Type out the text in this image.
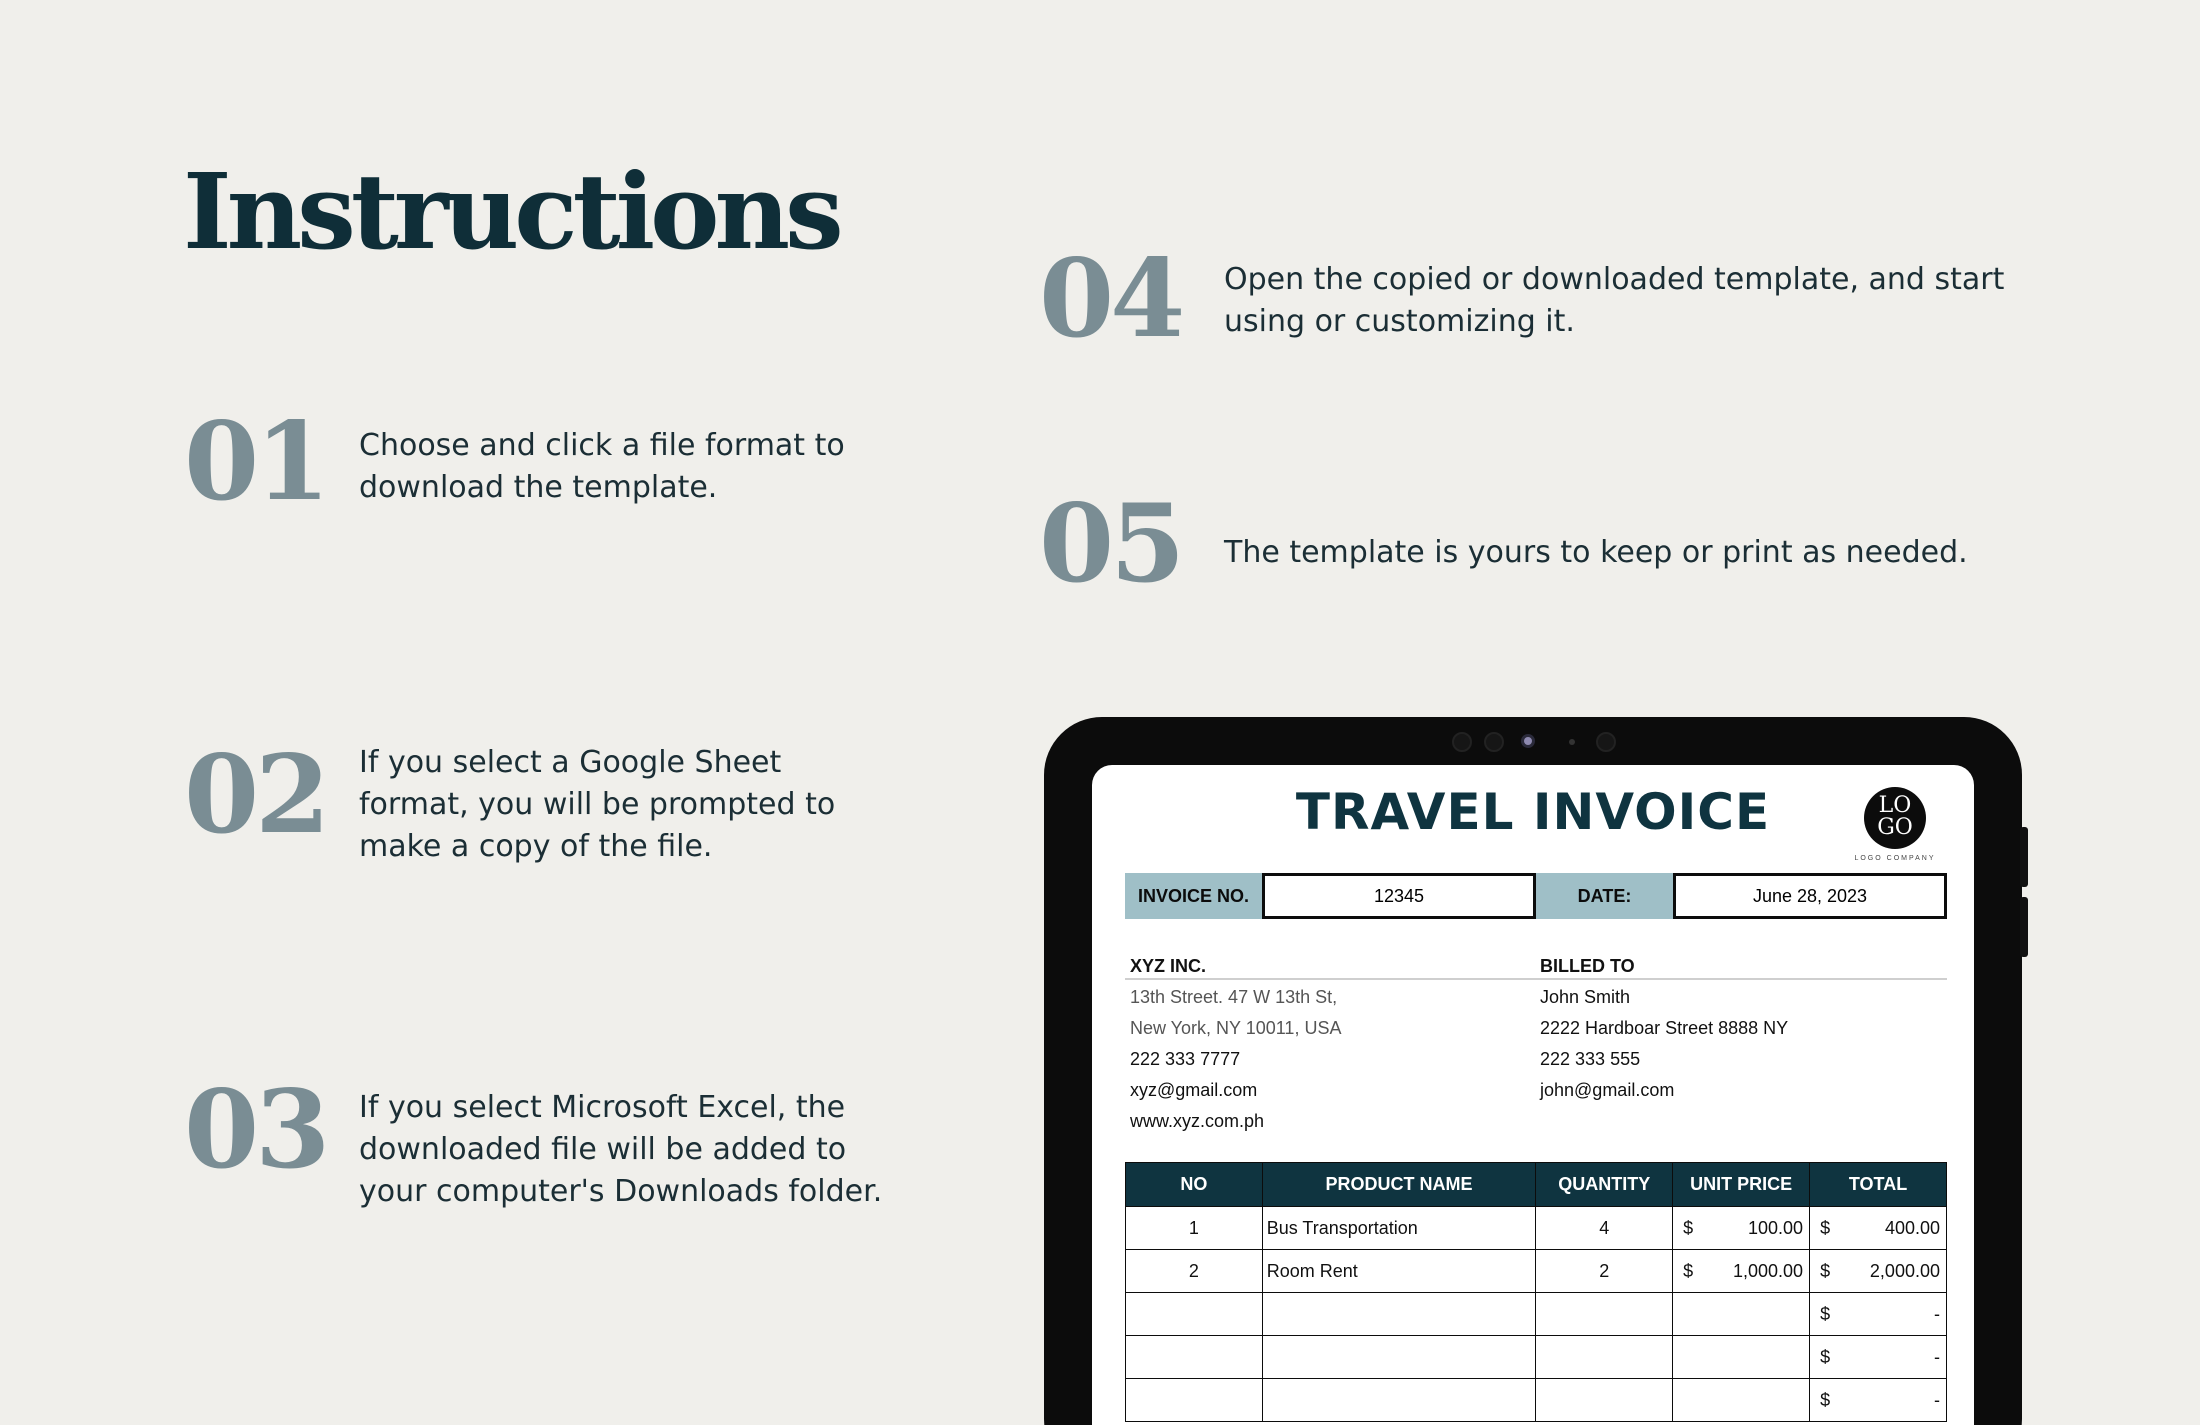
Instructions
01 Choose and click a file format to download the template.
02 If you select a Google Sheet format, you will be prompted to make a copy of the file.
03 If you select Microsoft Excel, the downloaded file will be added to your computer's Downloads folder.
04 Open the copied or downloaded template, and start using or customizing it.
05 The template is yours to keep or print as needed.
TRAVEL INVOICE	LO
GO
LOGO COMPANY
INVOICE NO.	12345	DATE:	June 28, 2023
XYZ INC.
13th Street. 47 W 13th St,
New York, NY 10011, USA
222 333 7777
xyz@gmail.com
www.xyz.com.ph
BILLED TO
John Smith
2222 Hardboar Street 8888 NY
222 333 555
john@gmail.com
NO	PRODUCT NAME	QUANTITY	UNIT PRICE	TOTAL
1	Bus Transportation	4	$ 100.00	$ 400.00

2	Room Rent	2	$ 1,000.00	$ 2,000.00

				$ -

				$ -

				$ -
